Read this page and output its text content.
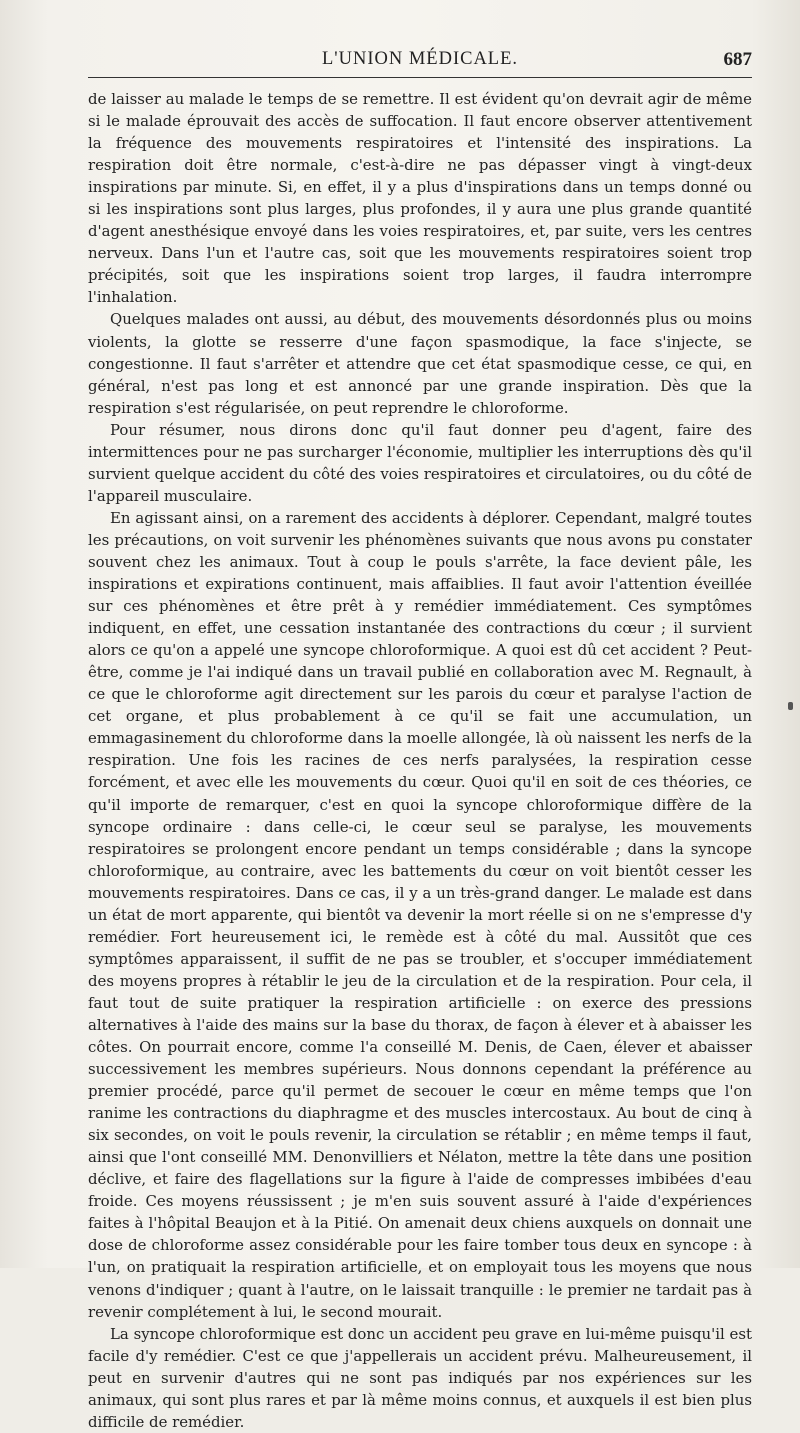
L'UNION MÉDICALE.	687

de laisser au malade le temps de se remettre. Il est évident qu'on devrait agir de même si le malade éprouvait des accès de suffocation. Il faut encore observer attentivement la fréquence des mouvements respiratoires et l'intensité des inspirations. La respiration doit être normale, c'est-à-dire ne pas dépasser vingt à vingt-deux inspirations par minute. Si, en effet, il y a plus d'inspirations dans un temps donné ou si les inspirations sont plus larges, plus profondes, il y aura une plus grande quantité d'agent anesthésique envoyé dans les voies respiratoires, et, par suite, vers les centres nerveux. Dans l'un et l'autre cas, soit que les mouvements respiratoires soient trop précipités, soit que les inspirations soient trop larges, il faudra interrompre l'inhalation.

Quelques malades ont aussi, au début, des mouvements désordonnés plus ou moins violents, la glotte se resserre d'une façon spasmodique, la face s'injecte, se congestionne. Il faut s'arrêter et attendre que cet état spasmodique cesse, ce qui, en général, n'est pas long et est annoncé par une grande inspiration. Dès que la respiration s'est régularisée, on peut reprendre le chloroforme.

Pour résumer, nous dirons donc qu'il faut donner peu d'agent, faire des intermittences pour ne pas surcharger l'économie, multiplier les interruptions dès qu'il survient quelque accident du côté des voies respiratoires et circulatoires, ou du côté de l'appareil musculaire.

En agissant ainsi, on a rarement des accidents à déplorer. Cependant, malgré toutes les précautions, on voit survenir les phénomènes suivants que nous avons pu constater souvent chez les animaux. Tout à coup le pouls s'arrête, la face devient pâle, les inspirations et expirations continuent, mais affaiblies. Il faut avoir l'attention éveillée sur ces phénomènes et être prêt à y remédier immédiatement. Ces symptômes indiquent, en effet, une cessation instantanée des contractions du cœur ; il survient alors ce qu'on a appelé une syncope chloroformique. A quoi est dû cet accident ? Peut-être, comme je l'ai indiqué dans un travail publié en collaboration avec M. Regnault, à ce que le chloroforme agit directement sur les parois du cœur et paralyse l'action de cet organe, et plus probablement à ce qu'il se fait une accumulation, un emmagasinement du chloroforme dans la moelle allongée, là où naissent les nerfs de la respiration. Une fois les racines de ces nerfs paralysées, la respiration cesse forcément, et avec elle les mouvements du cœur. Quoi qu'il en soit de ces théories, ce qu'il importe de remarquer, c'est en quoi la syncope chloroformique diffère de la syncope ordinaire : dans celle-ci, le cœur seul se paralyse, les mouvements respiratoires se prolongent encore pendant un temps considérable ; dans la syncope chloroformique, au contraire, avec les battements du cœur on voit bientôt cesser les mouvements respiratoires. Dans ce cas, il y a un très-grand danger. Le malade est dans un état de mort apparente, qui bientôt va devenir la mort réelle si on ne s'empresse d'y remédier. Fort heureusement ici, le remède est à côté du mal. Aussitôt que ces symptômes apparaissent, il suffit de ne pas se troubler, et s'occuper immédiatement des moyens propres à rétablir le jeu de la circulation et de la respiration. Pour cela, il faut tout de suite pratiquer la respiration artificielle : on exerce des pressions alternatives à l'aide des mains sur la base du thorax, de façon à élever et à abaisser les côtes. On pourrait encore, comme l'a conseillé M. Denis, de Caen, élever et abaisser successivement les membres supérieurs. Nous donnons cependant la préférence au premier procédé, parce qu'il permet de secouer le cœur en même temps que l'on ranime les contractions du diaphragme et des muscles intercostaux. Au bout de cinq à six secondes, on voit le pouls revenir, la circulation se rétablir ; en même temps il faut, ainsi que l'ont conseillé MM. Denonvilliers et Nélaton, mettre la tête dans une position déclive, et faire des flagellations sur la figure à l'aide de compresses imbibées d'eau froide. Ces moyens réussissent ; je m'en suis souvent assuré à l'aide d'expériences faites à l'hôpital Beaujon et à la Pitié. On amenait deux chiens auxquels on donnait une dose de chloroforme assez considérable pour les faire tomber tous deux en syncope : à l'un, on pratiquait la respiration artificielle, et on employait tous les moyens que nous venons d'indiquer ; quant à l'autre, on le laissait tranquille : le premier ne tardait pas à revenir complétement à lui, le second mourait.

La syncope chloroformique est donc un accident peu grave en lui-même puisqu'il est facile d'y remédier. C'est ce que j'appellerais un accident prévu. Malheureusement, il peut en survenir d'autres qui ne sont pas indiqués par nos expériences sur les animaux, qui sont plus rares et par là même moins connus, et auxquels il est bien plus difficile de remédier.
